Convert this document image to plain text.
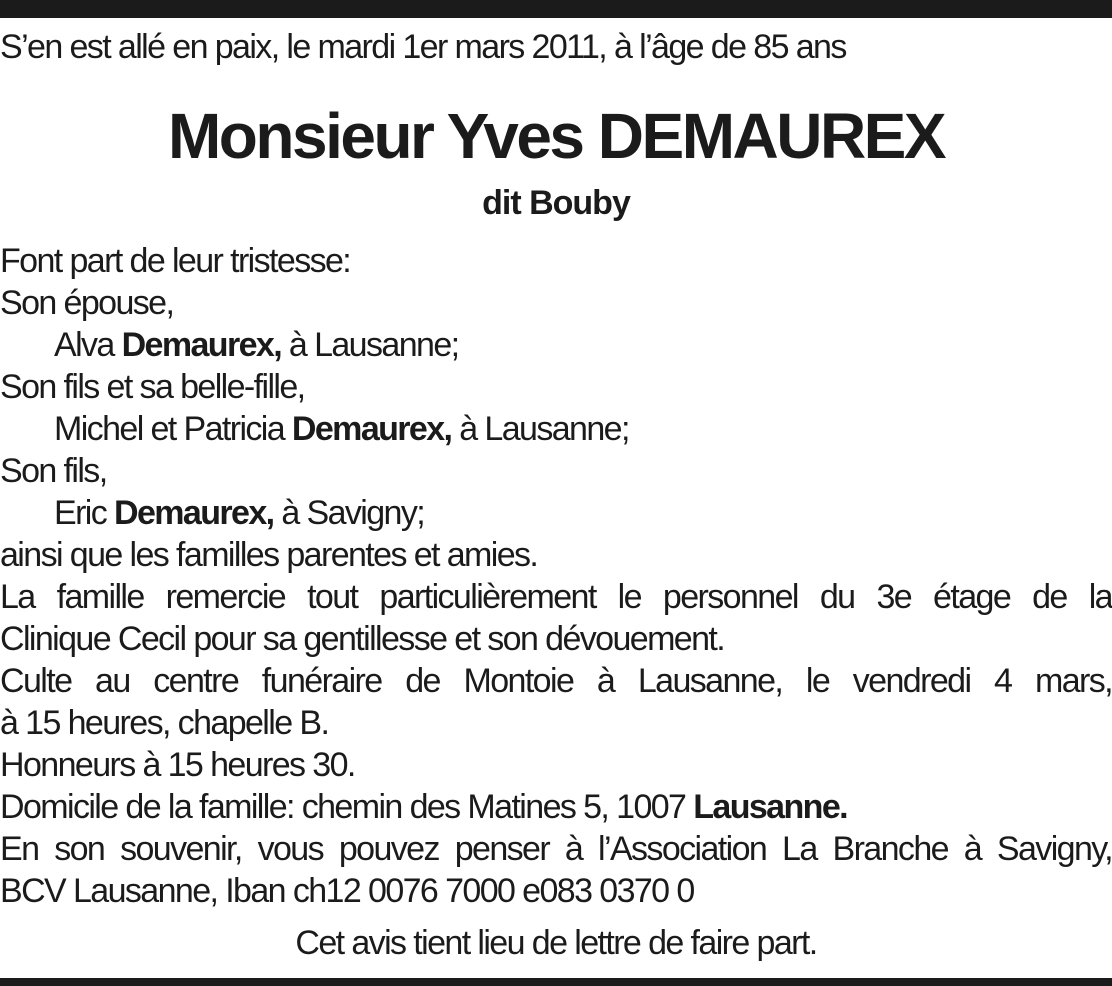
S’en est allé en paix, le mardi 1er mars 2011, à l’âge de 85 ans
Monsieur Yves DEMAUREX
dit Bouby
Font part de leur tristesse:
Son épouse,
Alva Demaurex, à Lausanne;
Son fils et sa belle-fille,
Michel et Patricia Demaurex, à Lausanne;
Son fils,
Eric Demaurex, à Savigny;
ainsi que les familles parentes et amies.
La famille remercie tout particulièrement le personnel du 3e étage de la
Clinique Cecil pour sa gentillesse et son dévouement.
Culte au centre funéraire de Montoie à Lausanne, le vendredi 4 mars,
à 15 heures, chapelle B.
Honneurs à 15 heures 30.
Domicile de la famille: chemin des Matines 5, 1007 Lausanne.
En son souvenir, vous pouvez penser à l’Association La Branche à Savigny,
BCV Lausanne, Iban ch12 0076 7000 e083 0370 0
Cet avis tient lieu de lettre de faire part.
